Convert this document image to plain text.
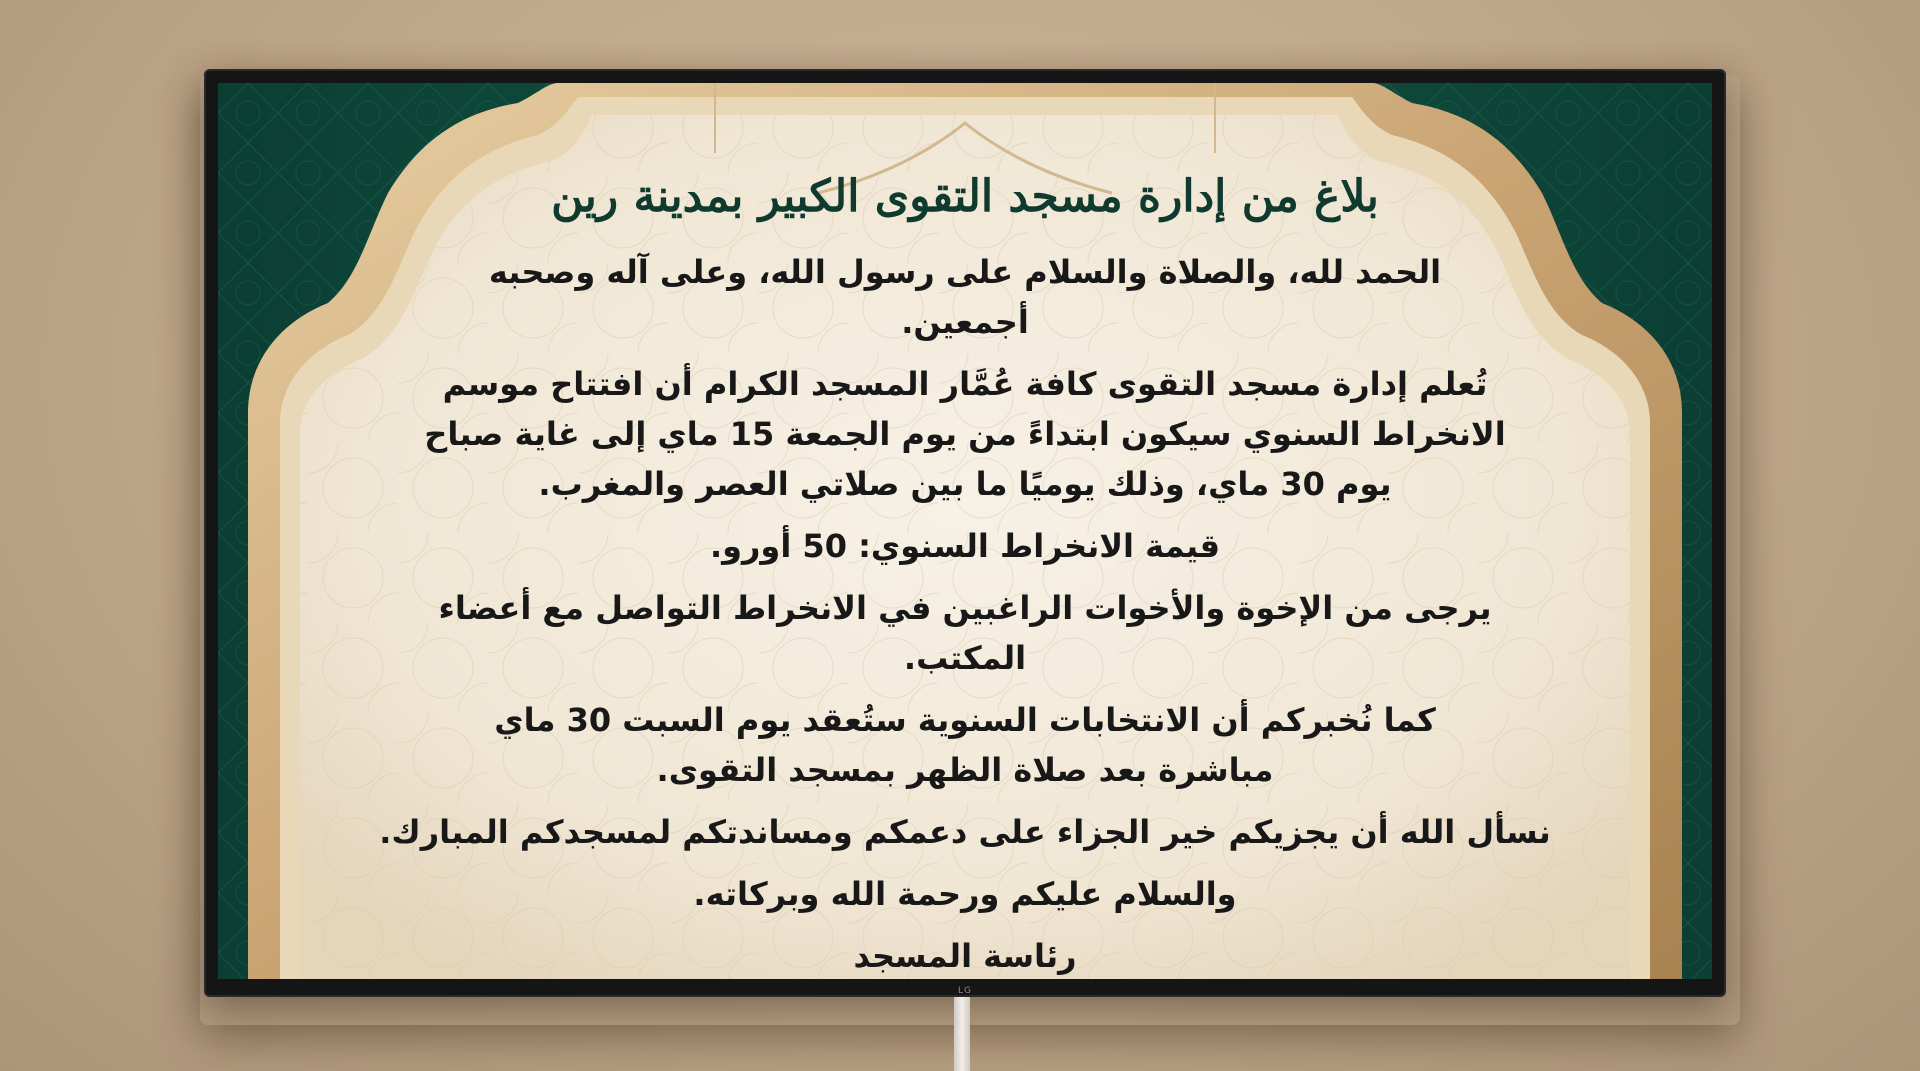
بلاغ من إدارة مسجد التقوى الكبير بمدينة رين
الحمد لله، والصلاة والسلام على رسول الله، وعلى آله وصحبه أجمعين.
تُعلم إدارة مسجد التقوى كافة عُمَّار المسجد الكرام أن افتتاح موسم الانخراط السنوي سيكون ابتداءً من يوم الجمعة 15 ماي إلى غاية صباح يوم 30 ماي، وذلك يوميًا ما بين صلاتي العصر والمغرب.
قيمة الانخراط السنوي: 50 أورو.
يرجى من الإخوة والأخوات الراغبين في الانخراط التواصل مع أعضاء المكتب.
كما نُخبركم أن الانتخابات السنوية ستُعقد يوم السبت 30 ماي مباشرة بعد صلاة الظهر بمسجد التقوى.
نسأل الله أن يجزيكم خير الجزاء على دعمكم ومساندتكم لمسجدكم المبارك.
والسلام عليكم ورحمة الله وبركاته.
رئاسة المسجد
LG
